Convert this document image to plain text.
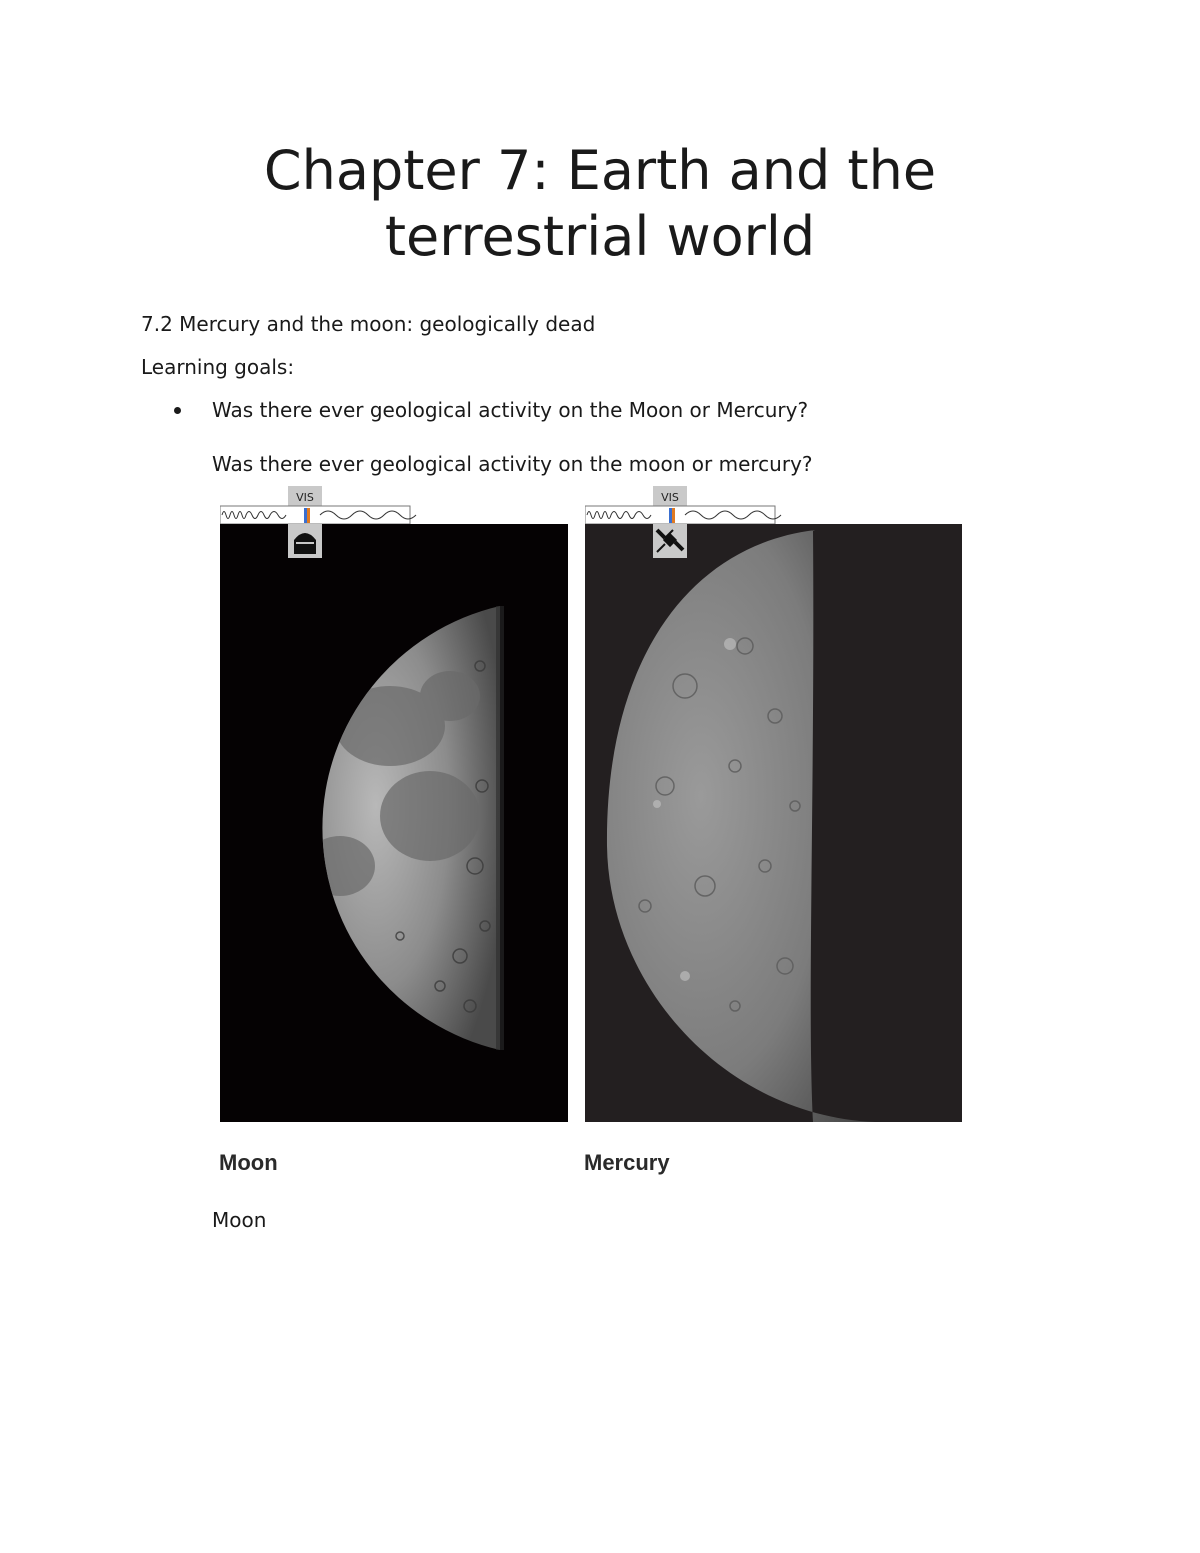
Chapter 7: Earth and the
terrestrial world
7.2 Mercury and the moon: geologically dead
Learning goals:
Was there ever geological activity on the Moon or Mercury?
Was there ever geological activity on the moon or mercury?
VIS
Moon
VIS
Mercury
Moon
